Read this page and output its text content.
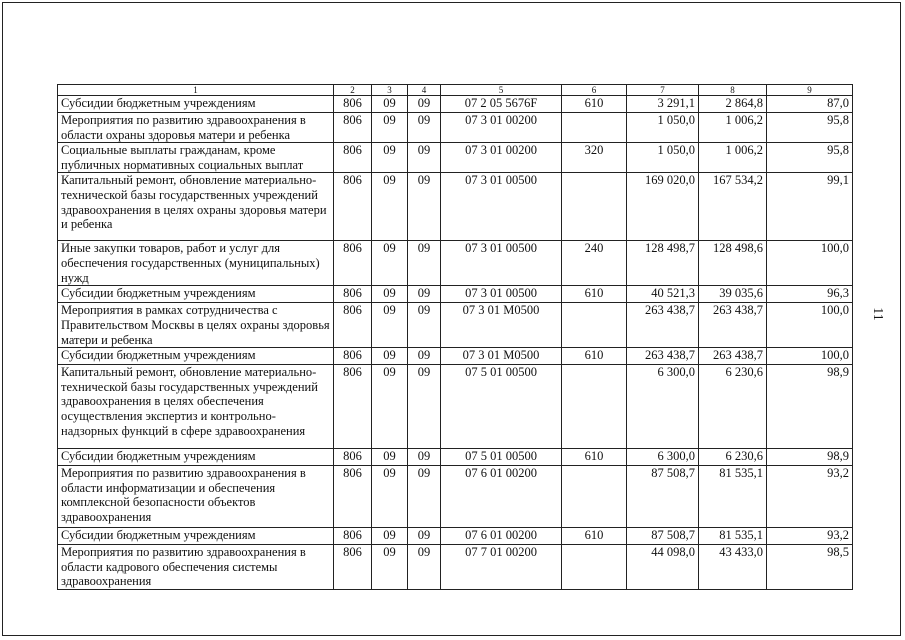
11
1	2	3	4	5	6	7	8	9
Субсидии бюджетным учреждениям	806	09	09	07 2 05 5676F	610	3 291,1	2 864,8	87,0
Мероприятия по развитию здравоохранения в области охраны здоровья матери и ребенка	806	09	09	07 3 01 00200		1 050,0	1 006,2	95,8
Социальные выплаты гражданам, кроме публичных нормативных социальных выплат	806	09	09	07 3 01 00200	320	1 050,0	1 006,2	95,8
Капитальный ремонт, обновление материально-технической базы государственных учреждений здравоохранения в целях охраны здоровья матери и ребенка	806	09	09	07 3 01 00500		169 020,0	167 534,2	99,1
Иные закупки товаров, работ и услуг для обеспечения государственных (муниципальных) нужд	806	09	09	07 3 01 00500	240	128 498,7	128 498,6	100,0
Субсидии бюджетным учреждениям	806	09	09	07 3 01 00500	610	40 521,3	39 035,6	96,3
Мероприятия в рамках сотрудничества с Правительством Москвы в целях охраны здоровья матери и ребенка	806	09	09	07 3 01 M0500		263 438,7	263 438,7	100,0
Субсидии бюджетным учреждениям	806	09	09	07 3 01 M0500	610	263 438,7	263 438,7	100,0
Капитальный ремонт, обновление материально-технической базы государственных учреждений здравоохранения в целях обеспечения осуществления экспертиз и контрольно-надзорных функций в сфере здравоохранения	806	09	09	07 5 01 00500		6 300,0	6 230,6	98,9
Субсидии бюджетным учреждениям	806	09	09	07 5 01 00500	610	6 300,0	6 230,6	98,9
Мероприятия по развитию здравоохранения в области информатизации и обеспечения комплексной безопасности объектов здравоохранения	806	09	09	07 6 01 00200		87 508,7	81 535,1	93,2
Субсидии бюджетным учреждениям	806	09	09	07 6 01 00200	610	87 508,7	81 535,1	93,2
Мероприятия по развитию здравоохранения в области кадрового обеспечения системы здравоохранения	806	09	09	07 7 01 00200		44 098,0	43 433,0	98,5
